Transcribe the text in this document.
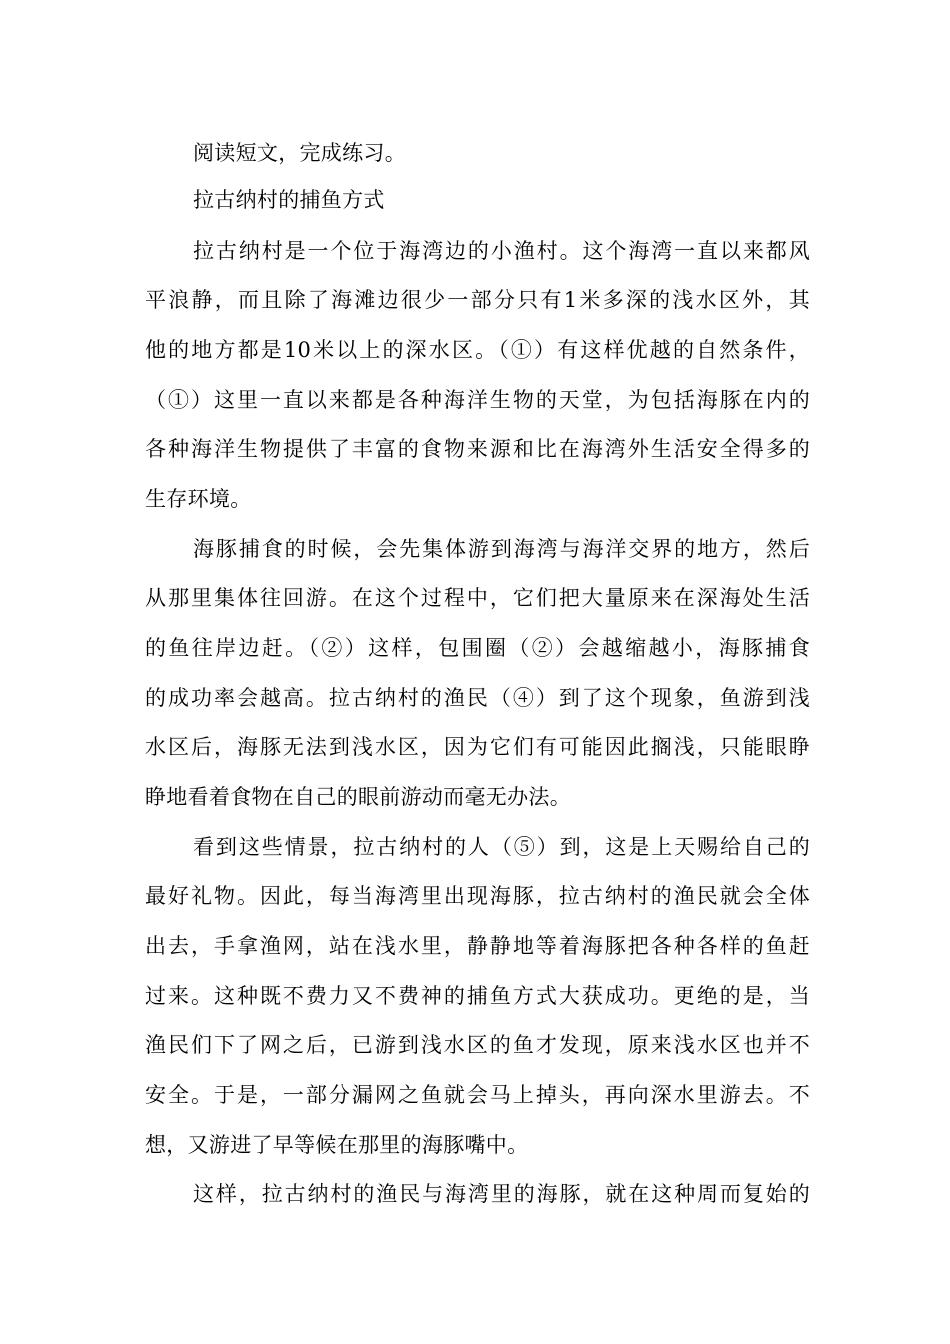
阅读短文，完成练习。
拉古纳村的捕鱼方式
拉古纳村是一个位于海湾边的小渔村。这个海湾一直以来都风
平浪静，而且除了海滩边很少一部分只有1米多深的浅水区外，其
他的地方都是10米以上的深水区。（①）有这样优越的自然条件，
（①）这里一直以来都是各种海洋生物的天堂，为包括海豚在内的
各种海洋生物提供了丰富的食物来源和比在海湾外生活安全得多的
生存环境。
海豚捕食的时候，会先集体游到海湾与海洋交界的地方，然后
从那里集体往回游。在这个过程中，它们把大量原来在深海处生活
的鱼往岸边赶。（②）这样，包围圈（②）会越缩越小，海豚捕食
的成功率会越高。拉古纳村的渔民（④）到了这个现象，鱼游到浅
水区后，海豚无法到浅水区，因为它们有可能因此搁浅，只能眼睁
睁地看着食物在自己的眼前游动而毫无办法。
看到这些情景，拉古纳村的人（⑤）到，这是上天赐给自己的
最好礼物。因此，每当海湾里出现海豚，拉古纳村的渔民就会全体
出去，手拿渔网，站在浅水里，静静地等着海豚把各种各样的鱼赶
过来。这种既不费力又不费神的捕鱼方式大获成功。更绝的是，当
渔民们下了网之后，已游到浅水区的鱼才发现，原来浅水区也并不
安全。于是，一部分漏网之鱼就会马上掉头，再向深水里游去。不
想，又游进了早等候在那里的海豚嘴中。
这样，拉古纳村的渔民与海湾里的海豚，就在这种周而复始的
